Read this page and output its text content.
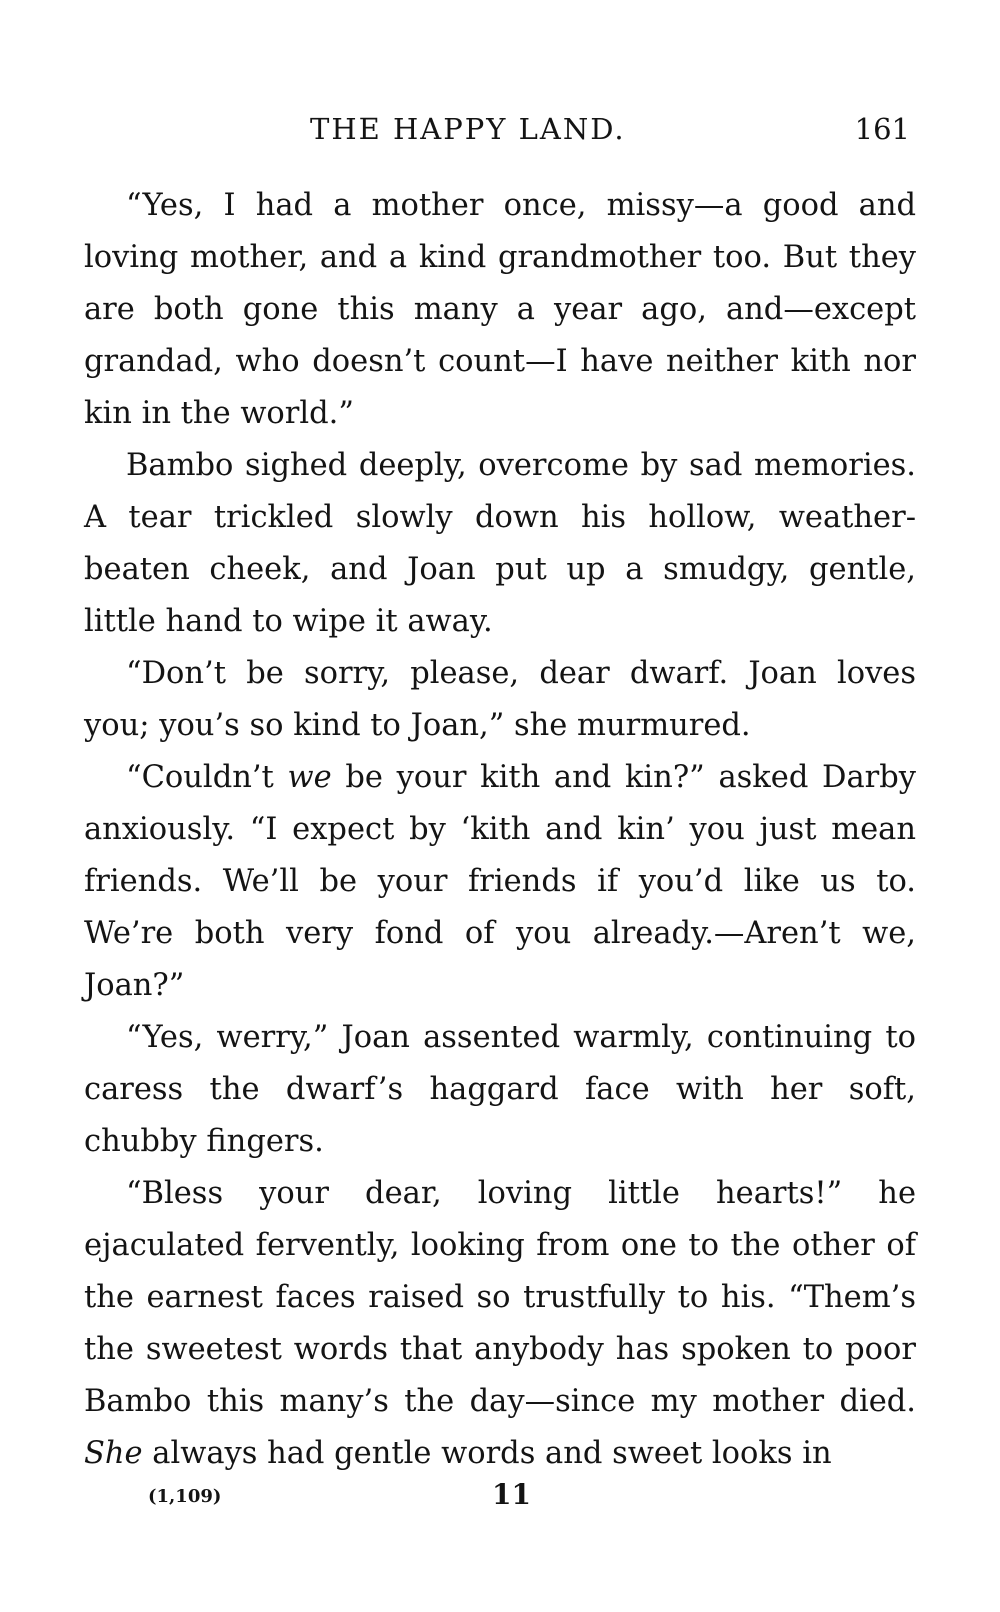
THE HAPPY LAND.	161

“Yes, I had a mother once, missy—a good and loving mother, and a kind grandmother too. But they are both gone this many a year ago, and—except grandad, who doesn’t count—I have neither kith nor kin in the world.”

Bambo sighed deeply, overcome by sad memories. A tear trickled slowly down his hollow, weather-beaten cheek, and Joan put up a smudgy, gentle, little hand to wipe it away.

“Don’t be sorry, please, dear dwarf. Joan loves you; you’s so kind to Joan,” she murmured.

“Couldn’t we be your kith and kin?” asked Darby anxiously. “I expect by ‘kith and kin’ you just mean friends. We’ll be your friends if you’d like us to. We’re both very fond of you already.—Aren’t we, Joan?”

“Yes, werry,” Joan assented warmly, continuing to caress the dwarf’s haggard face with her soft, chubby fingers.

“Bless your dear, loving little hearts!” he ejaculated fervently, looking from one to the other of the earnest faces raised so trustfully to his. “Them’s the sweetest words that anybody has spoken to poor Bambo this many’s the day—since my mother died. She always had gentle words and sweet looks in

(1,109)	11
